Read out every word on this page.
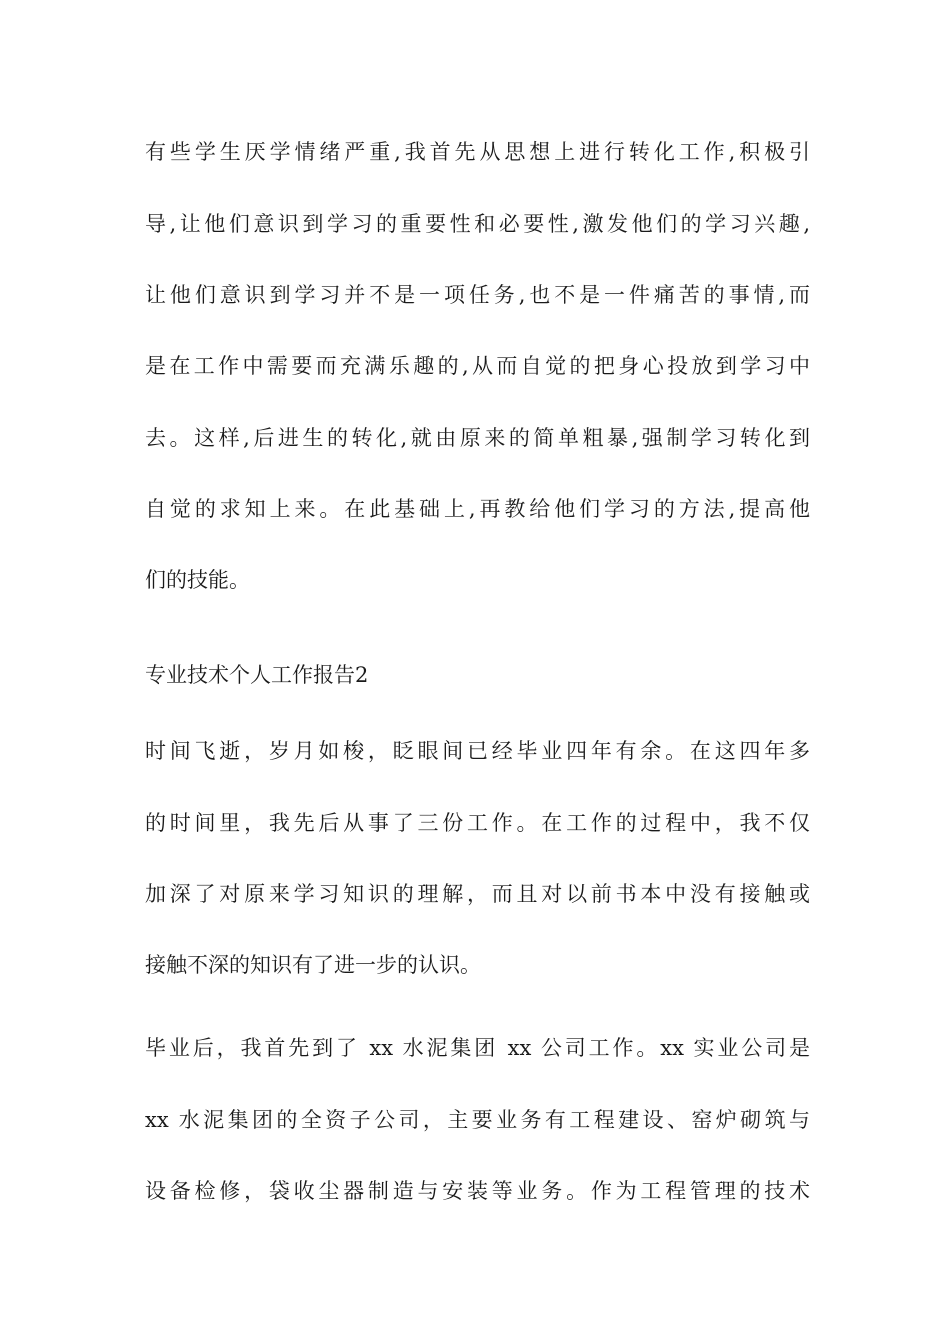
有些学生厌学情绪严重,我首先从思想上进行转化工作,积极引
导,让他们意识到学习的重要性和必要性,激发他们的学习兴趣,
让他们意识到学习并不是一项任务,也不是一件痛苦的事情,而
是在工作中需要而充满乐趣的,从而自觉的把身心投放到学习中
去。这样,后进生的转化,就由原来的简单粗暴,强制学习转化到
自觉的求知上来。在此基础上,再教给他们学习的方法,提高他
们的技能。
专业技术个人工作报告2
时间飞逝，岁月如梭，眨眼间已经毕业四年有余。在这四年多
的时间里，我先后从事了三份工作。在工作的过程中，我不仅
加深了对原来学习知识的理解，而且对以前书本中没有接触或
接触不深的知识有了进一步的认识。
毕业后，我首先到了 xx 水泥集团 xx 公司工作。xx 实业公司是
xx 水泥集团的全资子公司，主要业务有工程建设、窑炉砌筑与
设备检修，袋收尘器制造与安装等业务。作为工程管理的技术
